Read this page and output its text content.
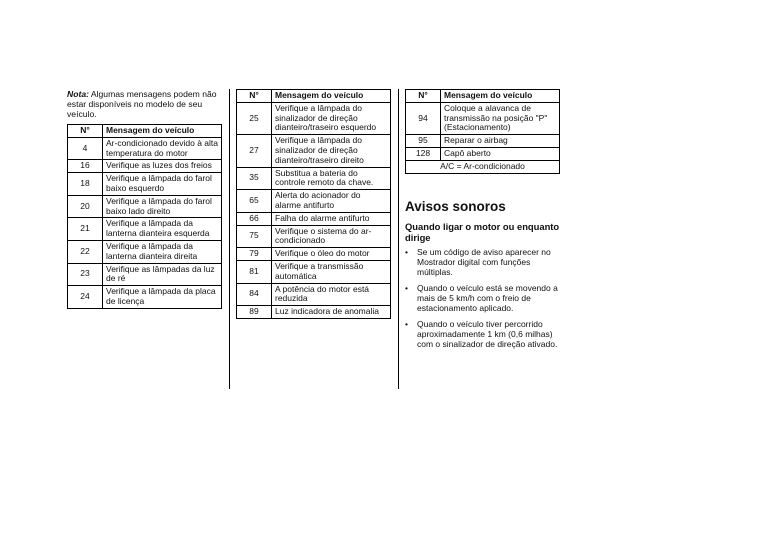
Nota: Algumas mensagens podem não estar disponíveis no modelo de seu veículo.
N°	Mensagem do veículo
4	Ar-condicionado devido à alta temperatura do motor
16	Verifique as luzes dos freios
18	Verifique a lâmpada do farol baixo esquerdo
20	Verifique a lâmpada do farol baixo lado direito
21	Verifique a lâmpada da lanterna dianteira esquerda
22	Verifique a lâmpada da lanterna dianteira direita
23	Verifique as lâmpadas da luz de ré
24	Verifique a lâmpada da placa de licença
N°	Mensagem do veículo
25	Verifique a lâmpada do sinalizador de direção dianteiro/traseiro esquerdo
27	Verifique a lâmpada do sinalizador de direção dianteiro/traseiro direito
35	Substitua a bateria do controle remoto da chave.
65	Alerta do acionador do alarme antifurto
66	Falha do alarme antifurto
75	Verifique o sistema do ar-condicionado
79	Verifique o óleo do motor
81	Verifique a transmissão automática
84	A potência do motor está reduzida
89	Luz indicadora de anomalia
N°	Mensagem do veículo
94	Coloque a alavanca de transmissão na posição "P" (Estacionamento)
95	Reparar o airbag
128	Capô aberto
A/C = Ar-condicionado	
Avisos sonoros
Quando ligar o motor ou enquanto dirige
• Se um código de aviso aparecer no Mostrador digital com funções múltiplas.
• Quando o veículo está se movendo a mais de 5 km/h com o freio de estacionamento aplicado.
• Quando o veículo tiver percorrido aproximadamente 1 km (0,6 milhas) com o sinalizador de direção ativado.
